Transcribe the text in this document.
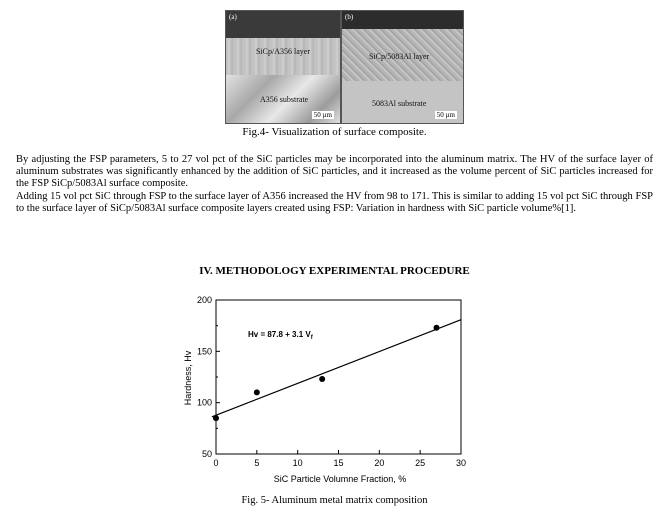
(a)
SiCp/A356 layer
A356 substrate
50 µm
(b)
SiCp/5083Al layer
5083Al substrate
50 µm
Fig.4- Visualization of surface composite.

By adjusting the FSP parameters, 5 to 27 vol pct of the SiC particles may be incorporated into the aluminum matrix. The HV of the surface layer of aluminum substrates was significantly enhanced by the addition of SiC particles, and it increased as the volume percent of SiC particles increased for the FSP SiCp/5083Al surface composite.

Adding 15 vol pct SiC through FSP to the surface layer of A356 increased the HV from 98 to 171. This is similar to adding 15 vol pct SiC through FSP to the surface layer of SiCp/5083Al surface composite layers created using FSP: Variation in hardness with SiC particle volume%[1].

IV. METHODOLOGY EXPERIMENTAL PROCEDURE
0	5	10	15	20	25	30
50
100
150
200
Hardness, Hv
SiC Particle Volumne Fraction, %
Hv = 87.8 + 3.1 $V_f$
Fig. 5- Aluminum metal matrix composition
